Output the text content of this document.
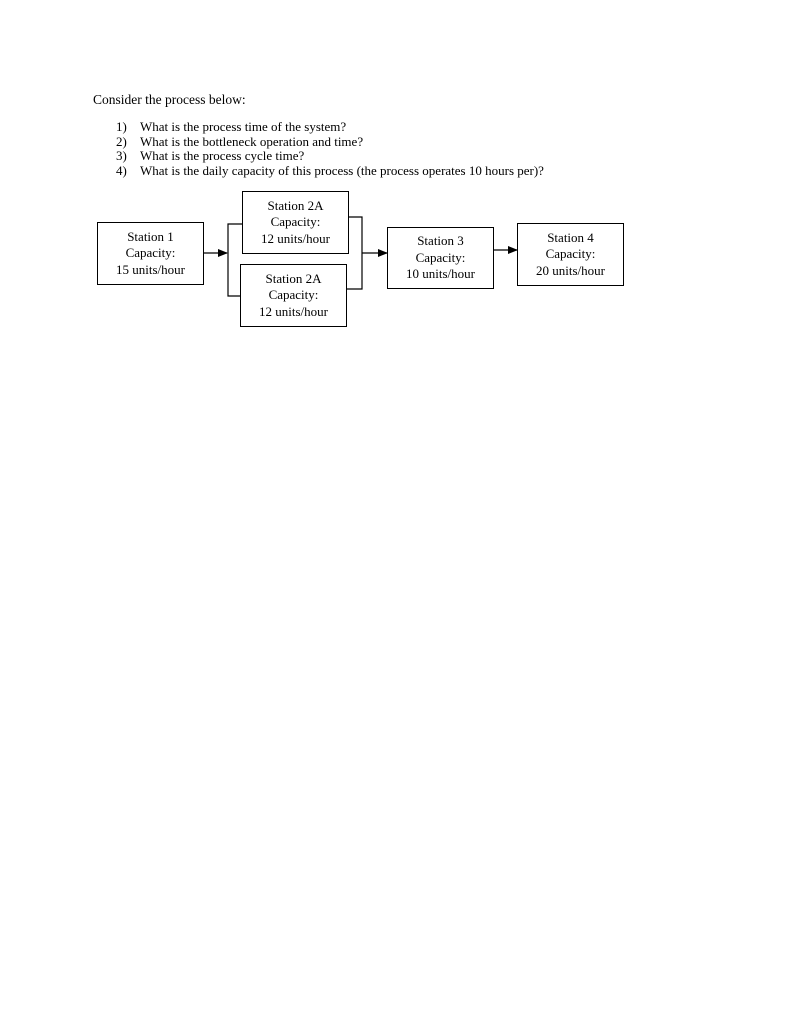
Consider the process below:

1) What is the process time of the system?
2) What is the bottleneck operation and time?
3) What is the process cycle time?
4) What is the daily capacity of this process (the process operates 10 hours per)?
Station 1
Capacity:
15 units/hour
Station 2A
Capacity:
12 units/hour
Station 2A
Capacity:
12 units/hour
Station 3
Capacity:
10 units/hour
Station 4
Capacity:
20 units/hour
